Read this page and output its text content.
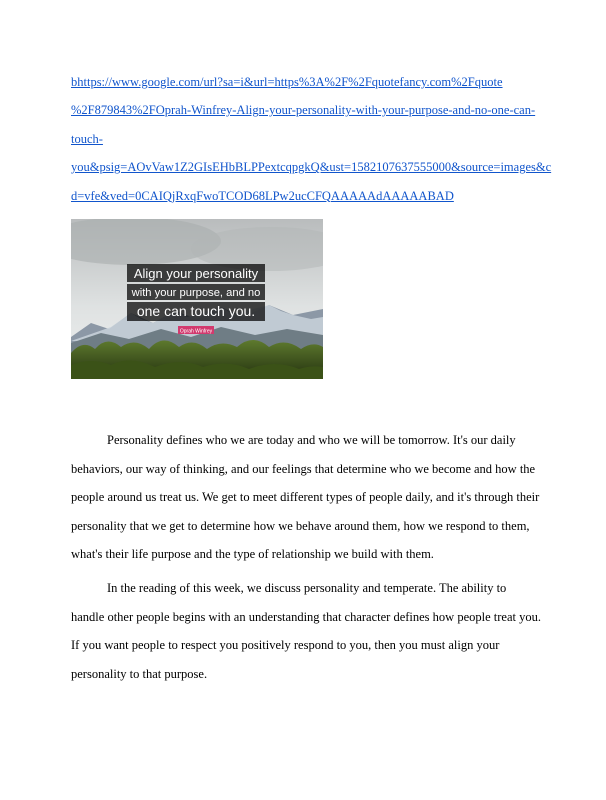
bhttps://www.google.com/url?sa=i&url=https%3A%2F%2Fquotefancy.com%2Fquote
%2F879843%2FOprah-Winfrey-Align-your-personality-with-your-purpose-and-no-one-can-
touch-
you&psig=AOvVaw1Z2GIsEHbBLPPextcqpgkQ&ust=1582107637555000&source=images&c
d=vfe&ved=0CAIQjRxqFwoTCOD68LPw2ucCFQAAAAAdAAAAABAD
Align your personality
with your purpose, and no
one can touch you.
Oprah Winfrey

Personality defines who we are today and who we will be tomorrow. It's our daily behaviors, our way of thinking, and our feelings that determine who we become and how the people around us treat us. We get to meet different types of people daily, and it's through their personality that we get to determine how we behave around them, how we respond to them, what's their life purpose and the type of relationship we build with them.

In the reading of this week, we discuss personality and temperate. The ability to handle other people begins with an understanding that character defines how people treat you. If you want people to respect you positively respond to you, then you must align your personality to that purpose.
